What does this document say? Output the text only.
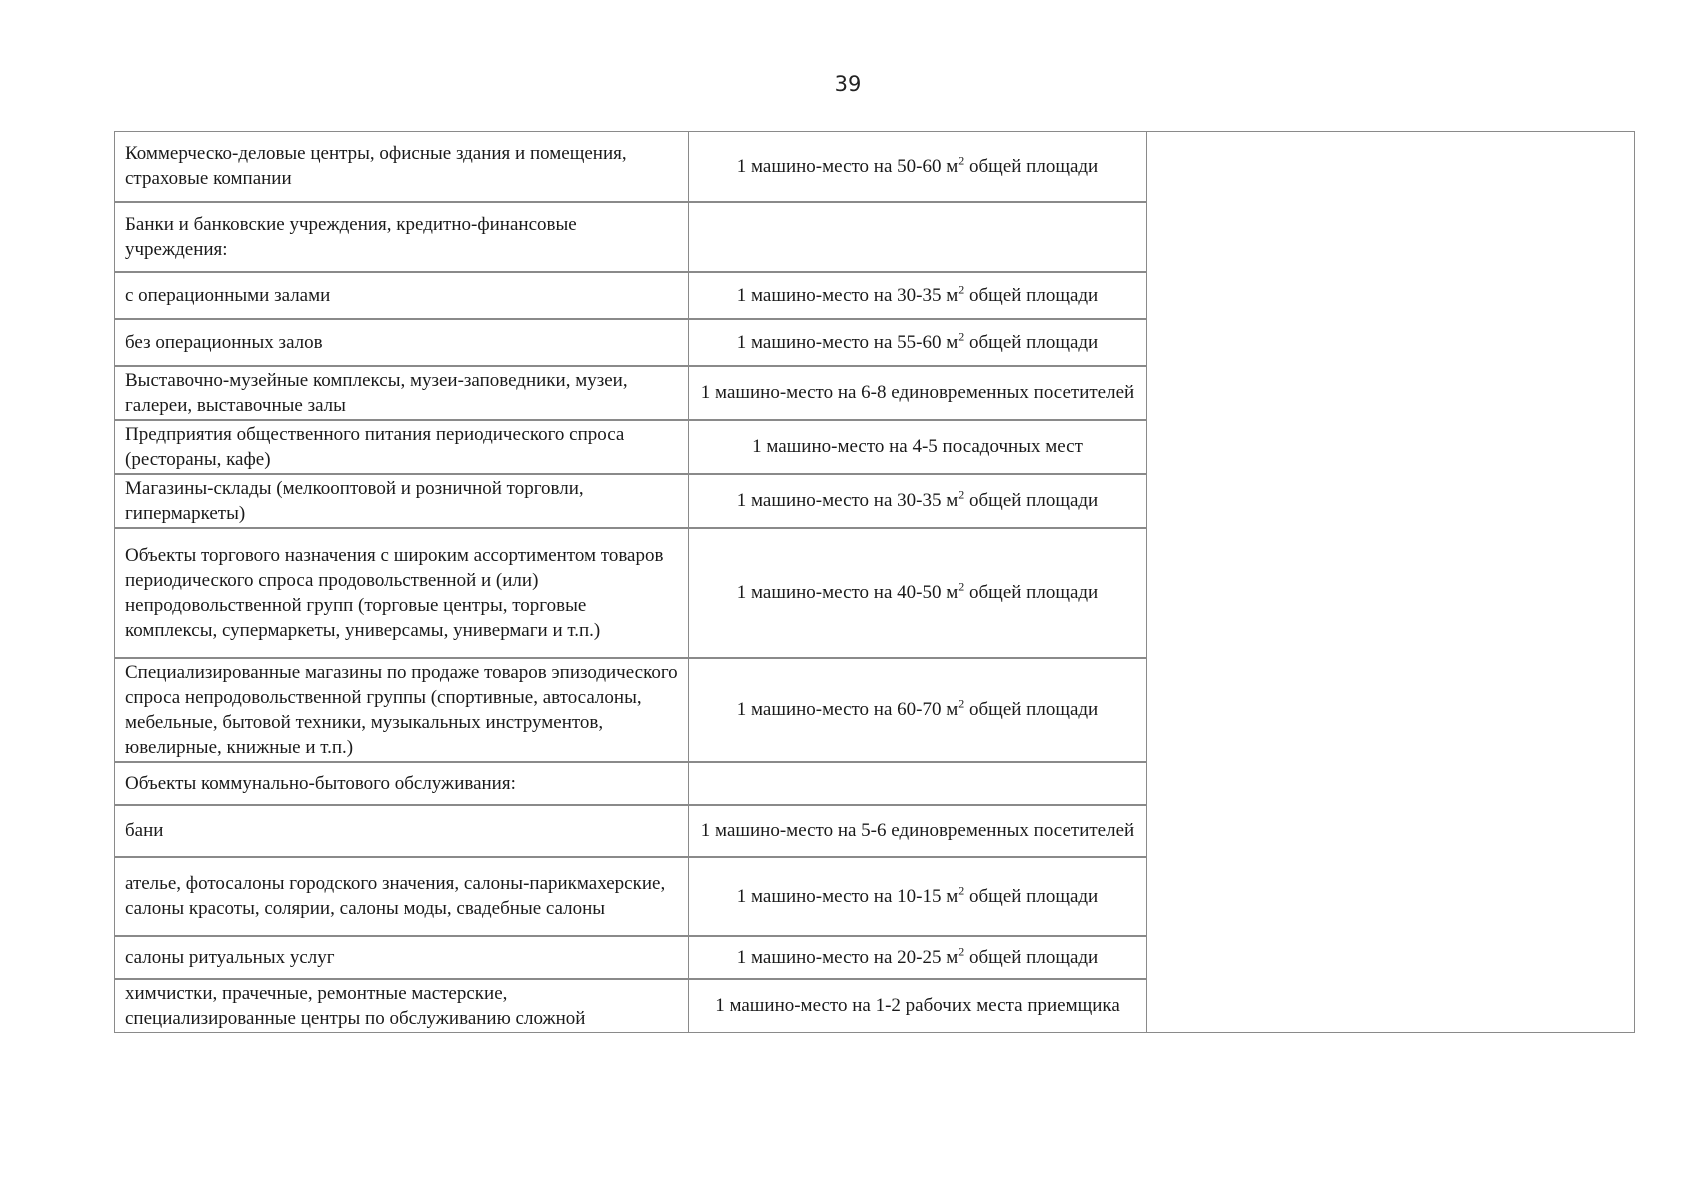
39
Коммерческо-деловые центры, офисные здания и помещения, страховые компании	1 машино-место на 50-60 $м^2$ общей площади	
Банки и банковские учреждения, кредитно-финансовые учреждения:		
с операционными залами	1 машино-место на 30-35 $м^2$ общей площади	
без операционных залов	1 машино-место на 55-60 $м^2$ общей площади	
Выставочно-музейные комплексы, музеи-заповедники, музеи, галереи, выставочные залы	1 машино-место на 6-8 единовременных посетителей	
Предприятия общественного питания периодического спроса (рестораны, кафе)	1 машино-место на 4-5 посадочных мест	
Магазины-склады (мелкооптовой и розничной торговли, гипермаркеты)	1 машино-место на 30-35 $м^2$ общей площади	
Объекты торгового назначения с широким ассортиментом товаров периодического спроса продовольственной и (или) непродовольственной групп (торговые центры, торговые комплексы, супермаркеты, универсамы, универмаги и т.п.)	1 машино-место на 40-50 $м^2$ общей площади	
Специализированные магазины по продаже товаров эпизодического спроса непродовольственной группы (спортивные, автосалоны, мебельные, бытовой техники, музыкальных инструментов, ювелирные, книжные и т.п.)	1 машино-место на 60-70 $м^2$ общей площади	
Объекты коммунально-бытового обслуживания:		
бани	1 машино-место на 5-6 единовременных посетителей	
ателье, фотосалоны городского значения, салоны-парикмахерские, салоны красоты, солярии, салоны моды, свадебные салоны	1 машино-место на 10-15 $м^2$ общей площади	
салоны ритуальных услуг	1 машино-место на 20-25 $м^2$ общей площади	
химчистки, прачечные, ремонтные мастерские, специализированные центры по обслуживанию сложной	1 машино-место на 1-2 рабочих места приемщика	
